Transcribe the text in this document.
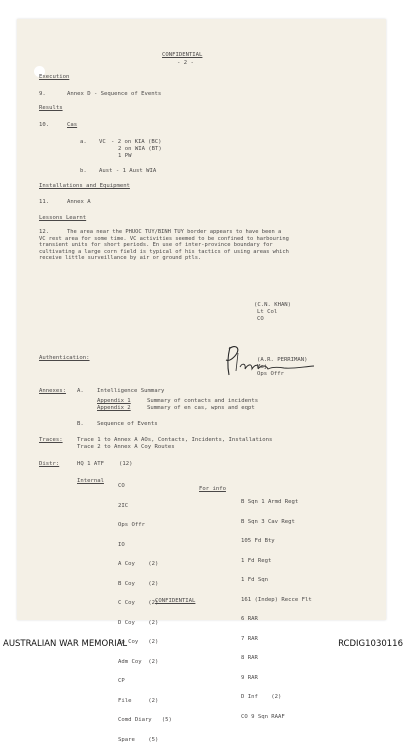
CONFIDENTIAL
- 2 -
Execution
9.	Annex D - Sequence of Events
Results
10.	Cas
a. VC - 2 on KIA (BC)
2 on WIA (BT)
1 PW
b. Aust - 1 Aust WIA
Installations and Equipment
11.	Annex A
Lessons Learnt
12.	The area near the PHUOC TUY/BINH TUY border appears to have been a
VC rest area for some time. VC activities seemed to be confined to harbouring
transient units for short periods. En use of inter-province boundary for
cultivating a large corn field is typical of his tactics of using areas which
receive little surveillance by air or ground ptls.
(C.N. KHAN)
Lt Col
CO
Authentication:	(A.R. PERRIMAN)
Maj
Ops Offr
Annexes: A. Intelligence Summary
Appendix 1	Summary of contacts and incidents
Appendix 2	Summary of en cas, wpns and eqpt
B. Sequence of Events
Traces:	Trace 1 to Annex A AOs, Contacts, Incidents, Installations
Trace 2 to Annex A Coy Routes
Distr:	HQ 1 ATF	(12)
Internal

CO

2IC

Ops Offr

IO

A Coy    (2)

B Coy    (2)

C Coy    (2)

D Coy    (2)

Sp Coy   (2)

Adm Coy  (2)

CP

File     (2)

Comd Diary   (5)

Spare    (5)

For info

B Sqn 1 Armd Regt

B Sqn 3 Cav Regt

105 Fd Bty

1 Fd Regt

1 Fd Sqn

161 (Indep) Recce Flt

6 RAR

7 RAR

8 RAR

9 RAR

D Inf    (2)

CO 9 Sqn RAAF

CONFIDENTIAL
AUSTRALIAN WAR MEMORIAL	RCDIG1030116
